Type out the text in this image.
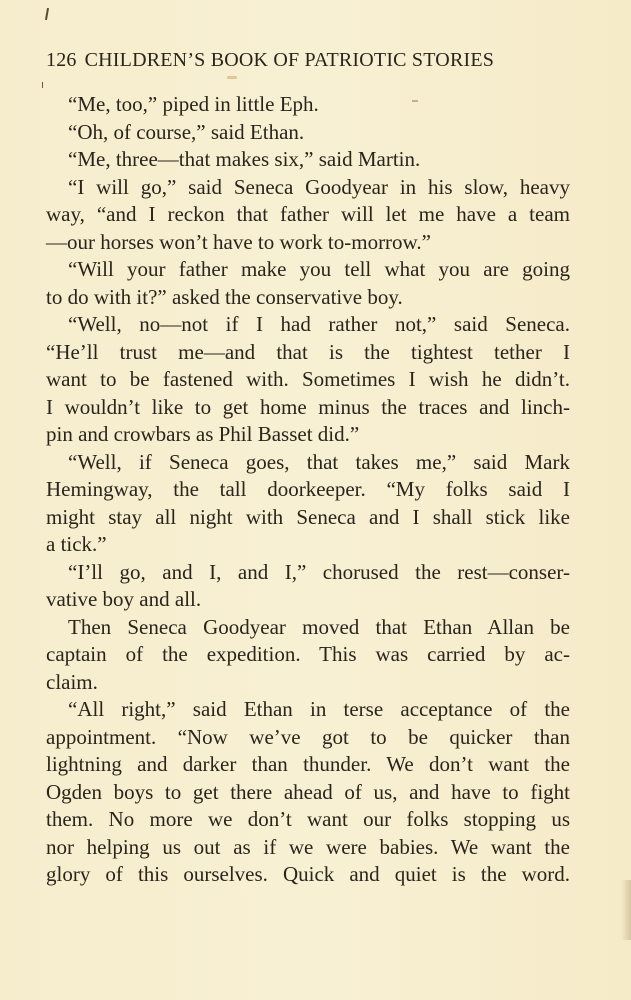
126 CHILDREN’S BOOK OF PATRIOTIC STORIES
“Me, too,” piped in little Eph.
“Oh, of course,” said Ethan.
“Me, three—that makes six,” said Martin.
“I will go,” said Seneca Goodyear in his slow, heavy
way, “and I reckon that father will let me have a team
—our horses won’t have to work to-morrow.”
“Will your father make you tell what you are going
to do with it?” asked the conservative boy.
“Well, no—not if I had rather not,” said Seneca.
“He’ll trust me—and that is the tightest tether I
want to be fastened with. Sometimes I wish he didn’t.
I wouldn’t like to get home minus the traces and linch-
pin and crowbars as Phil Basset did.”
“Well, if Seneca goes, that takes me,” said Mark
Hemingway, the tall doorkeeper. “My folks said I
might stay all night with Seneca and I shall stick like
a tick.”
“I’ll go, and I, and I,” chorused the rest—conser-
vative boy and all.
Then Seneca Goodyear moved that Ethan Allan be
captain of the expedition. This was carried by ac-
claim.
“All right,” said Ethan in terse acceptance of the
appointment. “Now we’ve got to be quicker than
lightning and darker than thunder. We don’t want the
Ogden boys to get there ahead of us, and have to fight
them. No more we don’t want our folks stopping us
nor helping us out as if we were babies. We want the
glory of this ourselves. Quick and quiet is the word.
